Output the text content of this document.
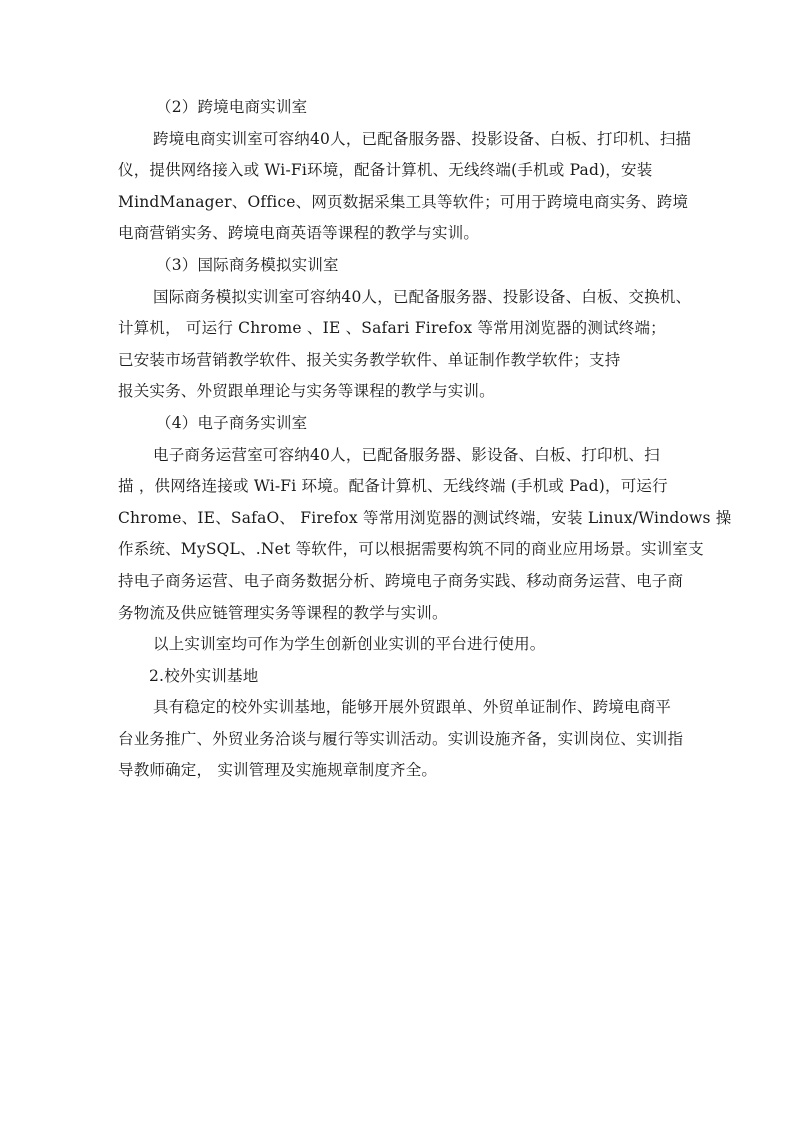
（2）跨境电商实训室
跨境电商实训室可容纳40人，已配备服务器、投影设备、白板、打印机、扫描
仪，提供网络接入或 Wi-Fi环境，配备计算机、无线终端(手机或 Pad)，安装
MindManager、Office、网页数据采集工具等软件；可用于跨境电商实务、跨境
电商营销实务、跨境电商英语等课程的教学与实训。
（3）国际商务模拟实训室
国际商务模拟实训室可容纳40人，已配备服务器、投影设备、白板、交换机、
计算机， 可运行 Chrome 、IE 、Safari Firefox 等常用浏览器的测试终端；
已安装市场营销教学软件、报关实务教学软件、单证制作教学软件；支持
报关实务、外贸跟单理论与实务等课程的教学与实训。
（4）电子商务实训室
电子商务运营室可容纳40人，已配备服务器、影设备、白板、打印机、扫
描 ，供网络连接或 Wi-Fi 环境。配备计算机、无线终端 (手机或 Pad)，可运行
Chrome、IE、SafaO、 Firefox 等常用浏览器的测试终端，安装 Linux/Windows 操
作系统、MySQL、.Net 等软件，可以根据需要构筑不同的商业应用场景。实训室支
持电子商务运营、电子商务数据分析、跨境电子商务实践、移动商务运营、电子商
务物流及供应链管理实务等课程的教学与实训。
以上实训室均可作为学生创新创业实训的平台进行使用。
2.校外实训基地
具有稳定的校外实训基地，能够开展外贸跟单、外贸单证制作、跨境电商平
台业务推广、外贸业务洽谈与履行等实训活动。实训设施齐备，实训岗位、实训指
导教师确定， 实训管理及实施规章制度齐全。
